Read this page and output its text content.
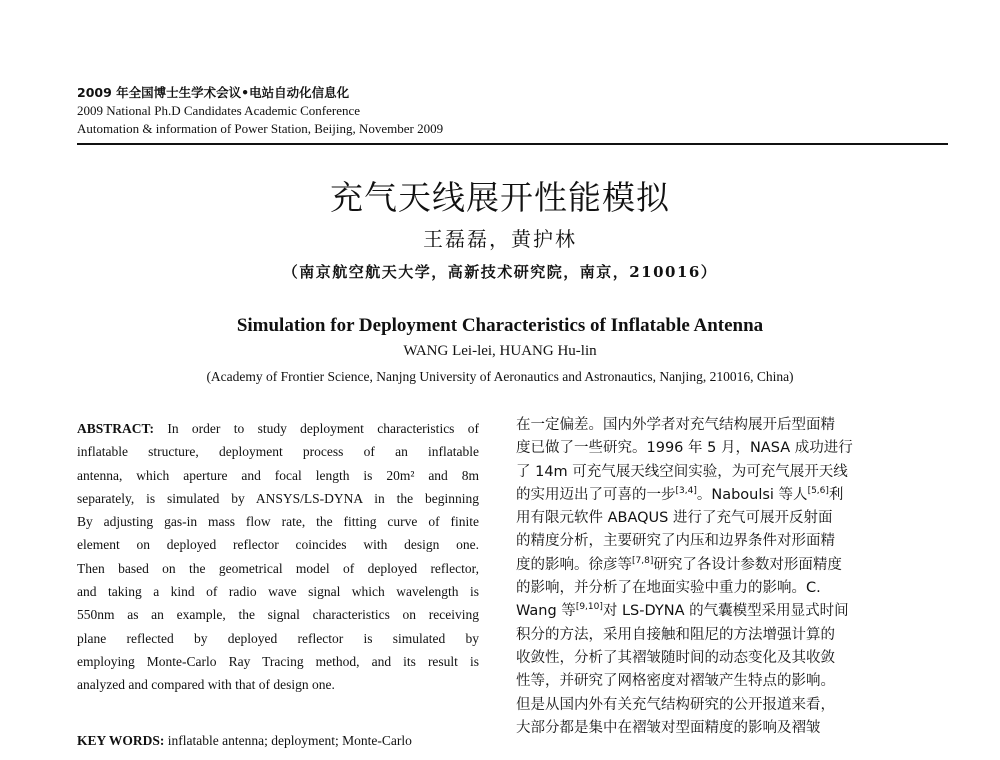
2009 年全国博士生学术会议•电站自动化信息化
2009 National Ph.D Candidates Academic Conference
Automation & information of Power Station, Beijing, November 2009
充气天线展开性能模拟
王磊磊，黄护林
（南京航空航天大学，高新技术研究院，南京，210016）
Simulation for Deployment Characteristics of Inflatable Antenna
WANG Lei-lei, HUANG Hu-lin
(Academy of Frontier Science, Nanjng University of Aeronautics and Astronautics, Nanjing, 210016, China)
ABSTRACT: In order to study deployment characteristics of
inflatable structure, deployment process of an inflatable
antenna, which aperture and focal length is 20m² and 8m
separately, is simulated by ANSYS/LS-DYNA in the beginning
By adjusting gas-in mass flow rate, the fitting curve of finite
element on deployed reflector coincides with design one.
Then based on the geometrical model of deployed reflector,
and taking a kind of radio wave signal which wavelength is
550nm as an example, the signal characteristics on receiving
plane reflected by deployed reflector is simulated by
employing Monte-Carlo Ray Tracing method, and its result is
analyzed and compared with that of design one.
KEY WORDS: inflatable antenna; deployment; Monte-Carlo
在一定偏差。国内外学者对充气结构展开后型面精
度已做了一些研究。1996 年 5 月，NASA 成功进行
了 14m 可充气展天线空间实验，为可充气展开天线
的实用迈出了可喜的一步[3,4]。Naboulsi 等人[5,6]利
用有限元软件 ABAQUS 进行了充气可展开反射面
的精度分析，主要研究了内压和边界条件对形面精
度的影响。徐彦等[7,8]研究了各设计参数对形面精度
的影响，并分析了在地面实验中重力的影响。C.
Wang 等[9,10]对 LS-DYNA 的气囊模型采用显式时间
积分的方法，采用自接触和阻尼的方法增强计算的
收敛性，分析了其褶皱随时间的动态变化及其收敛
性等，并研究了网格密度对褶皱产生特点的影响。
但是从国内外有关充气结构研究的公开报道来看，
大部分都是集中在褶皱对型面精度的影响及褶皱
